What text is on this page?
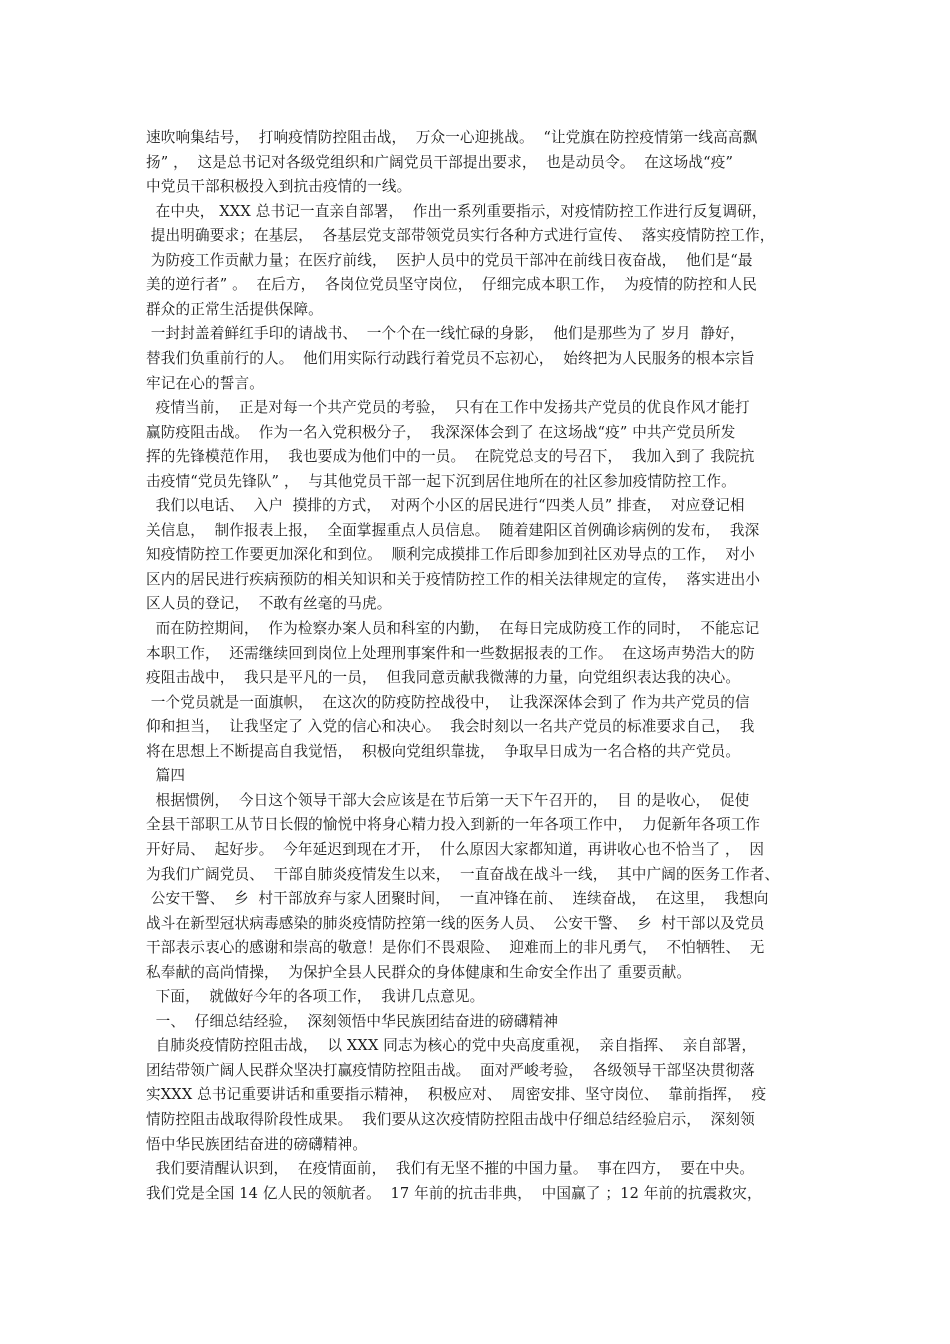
速吹响集结号，  打响疫情防控阻击战，  万众一心迎挑战。  “让党旗在防控疫情第一线高高飘
扬” ，  这是总书记对各级党组织和广阔党员干部提出要求，  也是动员令。  在这场战“疫”
中党员干部积极投入到抗击疫情的一线。
在中央， XXX 总书记一直亲自部署，  作出一系列重要指示，对疫情防控工作进行反复调研，
提出明确要求；在基层，  各基层党支部带领党员实行各种方式进行宣传、  落实疫情防控工作，
为防疫工作贡献力量；在医疗前线，  医护人员中的党员干部冲在前线日夜奋战，  他们是“最
美的逆行者” 。  在后方，  各岗位党员坚守岗位，  仔细完成本职工作，  为疫情的防控和人民
群众的正常生活提供保障。
一封封盖着鲜红手印的请战书、  一个个在一线忙碌的身影，  他们是那些为了 岁月  静好，
替我们负重前行的人。  他们用实际行动践行着党员不忘初心，  始终把为人民服务的根本宗旨
牢记在心的誓言。
疫情当前，  正是对每一个共产党员的考验，  只有在工作中发扬共产党员的优良作风才能打
赢防疫阻击战。  作为一名入党积极分子，  我深深体会到了 在这场战“疫” 中共产党员所发
挥的先锋模范作用，  我也要成为他们中的一员。  在院党总支的号召下，  我加入到了 我院抗
击疫情“党员先锋队” ，  与其他党员干部一起下沉到居住地所在的社区参加疫情防控工作。
我们以电话、  入户  摸排的方式，  对两个小区的居民进行“四类人员” 排查，  对应登记相
关信息，  制作报表上报，  全面掌握重点人员信息。  随着建阳区首例确诊病例的发布，  我深
知疫情防控工作要更加深化和到位。  顺利完成摸排工作后即参加到社区劝导点的工作，  对小
区内的居民进行疾病预防的相关知识和关于疫情防控工作的相关法律规定的宣传，  落实进出小
区人员的登记，  不敢有丝毫的马虎。
而在防控期间，  作为检察办案人员和科室的内勤，  在每日完成防疫工作的同时，  不能忘记
本职工作，  还需继续回到岗位上处理刑事案件和一些数据报表的工作。  在这场声势浩大的防
疫阻击战中，  我只是平凡的一员，  但我同意贡献我微薄的力量，向党组织表达我的决心。
一个党员就是一面旗帜，  在这次的防疫防控战役中，  让我深深体会到了 作为共产党员的信
仰和担当，  让我坚定了 入党的信心和决心。  我会时刻以一名共产党员的标准要求自己，  我
将在思想上不断提高自我觉悟，  积极向党组织靠拢，  争取早日成为一名合格的共产党员。
篇四
根据惯例，  今日这个领导干部大会应该是在节后第一天下午召开的，  目 的是收心，  促使
全县干部职工从节日长假的愉悦中将身心精力投入到新的一年各项工作中，  力促新年各项工作
开好局、  起好步。  今年延迟到现在才开，  什么原因大家都知道，再讲收心也不恰当了 ，  因
为我们广阔党员、  干部自肺炎疫情发生以来，  一直奋战在战斗一线，  其中广阔的医务工作者、
公安干警、  乡  村干部放弃与家人团聚时间，  一直冲锋在前、  连续奋战，  在这里，  我想向
战斗在新型冠状病毒感染的肺炎疫情防控第一线的医务人员、  公安干警、  乡  村干部以及党员
干部表示衷心的感谢和崇高的敬意！是你们不畏艰险、  迎难而上的非凡勇气，  不怕牺牲、  无
私奉献的高尚情操，  为保护全县人民群众的身体健康和生命安全作出了 重要贡献。
下面，  就做好今年的各项工作，  我讲几点意见。
一、  仔细总结经验，  深刻领悟中华民族团结奋进的磅礴精神
自肺炎疫情防控阻击战，  以 XXX 同志为核心的党中央高度重视，  亲自指挥、  亲自部署，
团结带领广阔人民群众坚决打赢疫情防控阻击战。  面对严峻考验，  各级领导干部坚决贯彻落
实XXX 总书记重要讲话和重要指示精神，  积极应对、  周密安排、坚守岗位、  靠前指挥，  疫
情防控阻击战取得阶段性成果。  我们要从这次疫情防控阻击战中仔细总结经验启示，  深刻领
悟中华民族团结奋进的磅礴精神。
我们要清醒认识到，  在疫情面前，  我们有无坚不摧的中国力量。  事在四方，  要在中央。
我们党是全国 14 亿人民的领航者。  17 年前的抗击非典，  中国赢了 ；12 年前的抗震救灾，
